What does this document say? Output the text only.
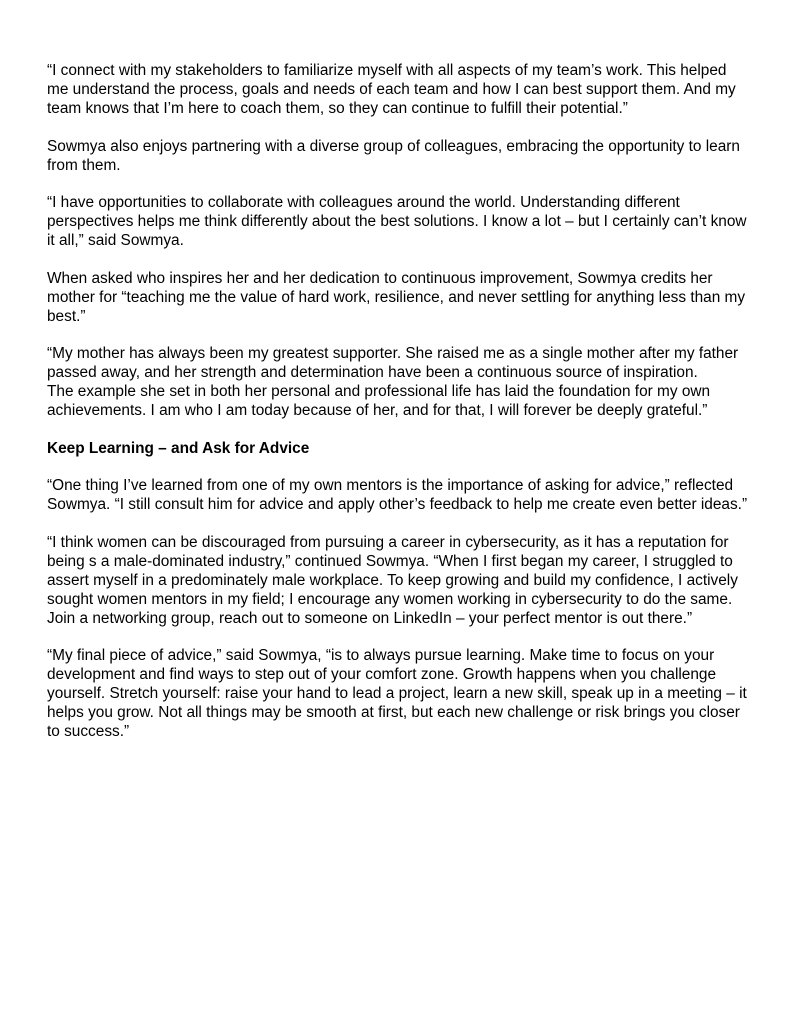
“I connect with my stakeholders to familiarize myself with all aspects of my team’s work. This helped
me understand the process, goals and needs of each team and how I can best support them. And my
team knows that I’m here to coach them, so they can continue to fulfill their potential.”

Sowmya also enjoys partnering with a diverse group of colleagues, embracing the opportunity to learn
from them.

“I have opportunities to collaborate with colleagues around the world. Understanding different
perspectives helps me think differently about the best solutions. I know a lot – but I certainly can’t know
it all,” said Sowmya.

When asked who inspires her and her dedication to continuous improvement, Sowmya credits her
mother for “teaching me the value of hard work, resilience, and never settling for anything less than my
best.”

“My mother has always been my greatest supporter. She raised me as a single mother after my father
passed away, and her strength and determination have been a continuous source of inspiration.
The example she set in both her personal and professional life has laid the foundation for my own
achievements. I am who I am today because of her, and for that, I will forever be deeply grateful.”

Keep Learning – and Ask for Advice

“One thing I’ve learned from one of my own mentors is the importance of asking for advice,” reflected
Sowmya. “I still consult him for advice and apply other’s feedback to help me create even better ideas.”

“I think women can be discouraged from pursuing a career in cybersecurity, as it has a reputation for
being s a male-dominated industry,” continued Sowmya. “When I first began my career, I struggled to
assert myself in a predominately male workplace. To keep growing and build my confidence, I actively
sought women mentors in my field; I encourage any women working in cybersecurity to do the same.
Join a networking group, reach out to someone on LinkedIn – your perfect mentor is out there.”

“My final piece of advice,” said Sowmya, “is to always pursue learning. Make time to focus on your
development and find ways to step out of your comfort zone. Growth happens when you challenge
yourself. Stretch yourself: raise your hand to lead a project, learn a new skill, speak up in a meeting – it
helps you grow. Not all things may be smooth at first, but each new challenge or risk brings you closer
to success.”
